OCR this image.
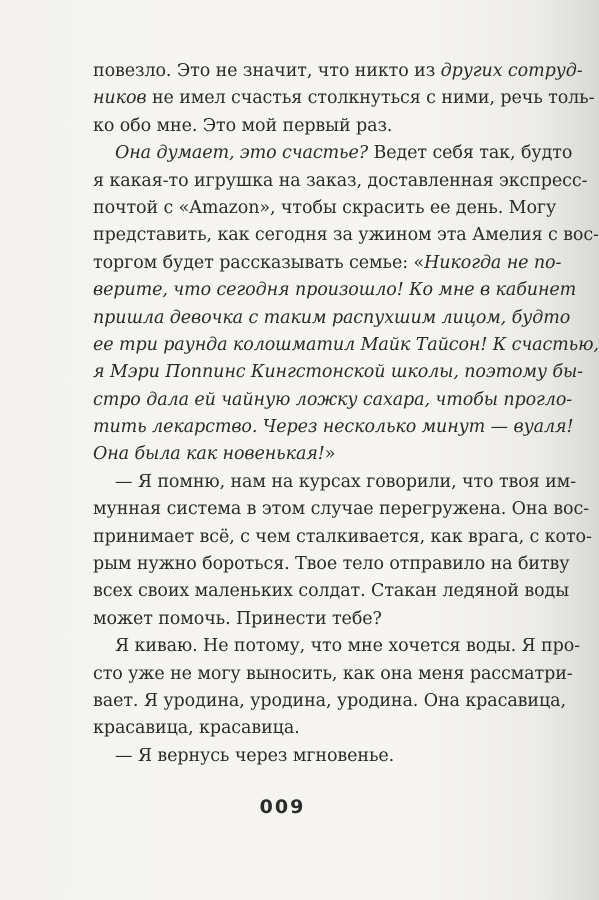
повезло. Это не значит, что никто из других сотруд-
ников не имел счастья столкнуться с ними, речь толь-
ко обо мне. Это мой первый раз.
Она думает, это счастье? Ведет себя так, будто
я какая-то игрушка на заказ, доставленная экспресс-
почтой с «Amazon», чтобы скрасить ее день. Могу
представить, как сегодня за ужином эта Амелия с вос-
торгом будет рассказывать семье: «Никогда не по-
верите, что сегодня произошло! Ко мне в кабинет
пришла девочка с таким распухшим лицом, будто
ее три раунда колошматил Майк Тайсон! К счастью,
я Мэри Поппинс Кингстонской школы, поэтому бы-
стро дала ей чайную ложку сахара, чтобы прогло-
тить лекарство. Через несколько минут — вуаля!
Она была как новенькая!»
— Я помню, нам на курсах говорили, что твоя им-
мунная система в этом случае перегружена. Она вос-
принимает всё, с чем сталкивается, как врага, с кото-
рым нужно бороться. Твое тело отправило на битву
всех своих маленьких солдат. Стакан ледяной воды
может помочь. Принести тебе?
Я киваю. Не потому, что мне хочется воды. Я про-
сто уже не могу выносить, как она меня рассматри-
вает. Я уродина, уродина, уродина. Она красавица,
красавица, красавица.
— Я вернусь через мгновенье.
009
